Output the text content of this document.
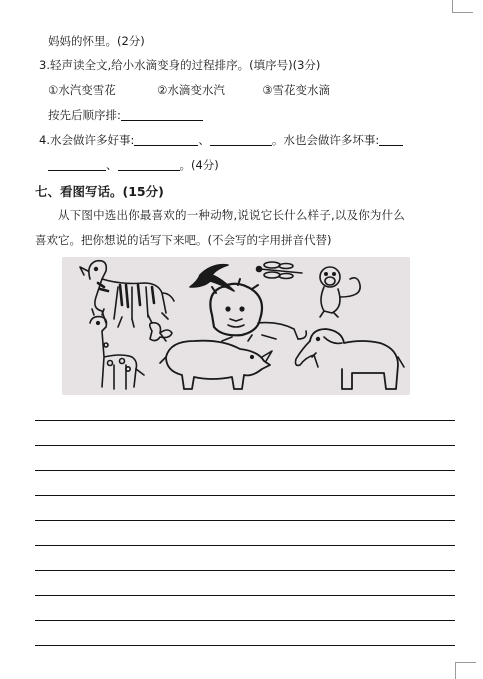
妈妈的怀里。(2分)
3.轻声读全文,给小水滴变身的过程排序。(填序号)(3分)
①水汽变雪花	②水滴变水汽	③雪花变水滴
按先后顺序排:
4.水会做许多好事:	、	。水也会做许多坏事:
、	。(4分)
七、看图写话。(15分)
从下图中选出你最喜欢的一种动物,说说它长什么样子,以及你为什么
喜欢它。把你想说的话写下来吧。(不会写的字用拼音代替)
